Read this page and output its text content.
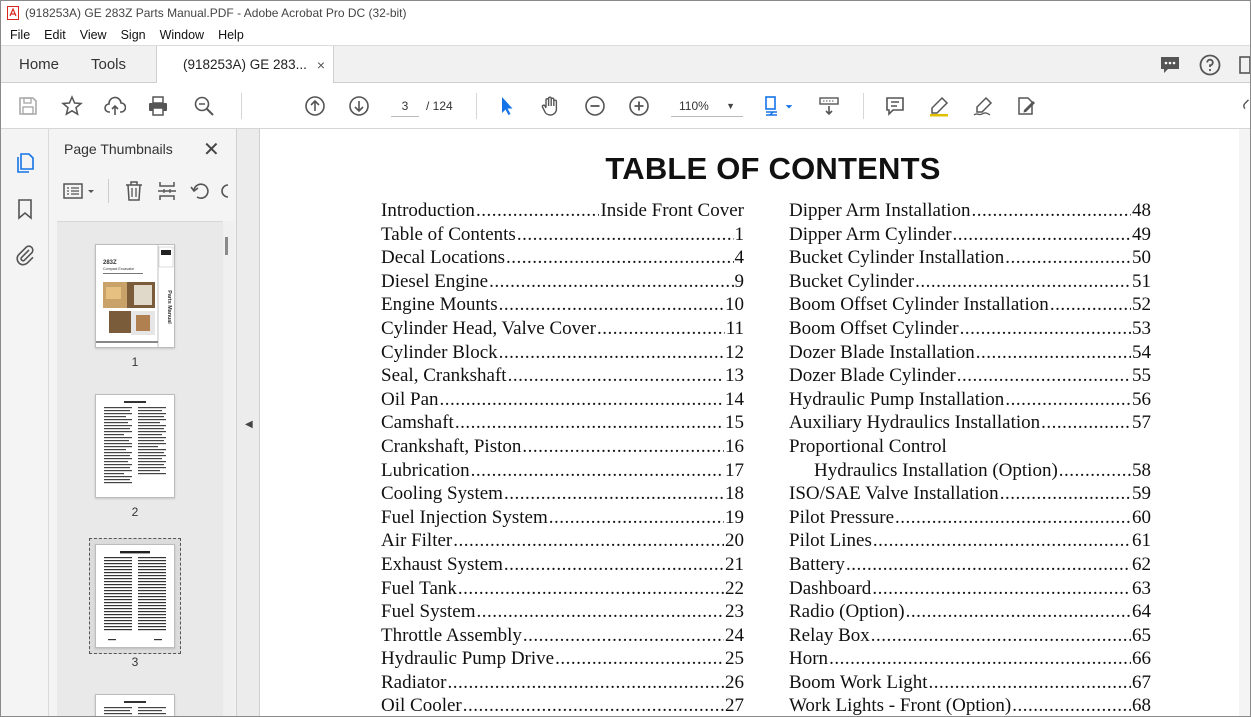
(918253A) GE 283Z Parts Manual.PDF - Adobe Acrobat Pro DC (32-bit)
File	Edit	View	Sign	Window	Help
Home Tools	(918253A) GE 283... ×
3	/ 124	110% ▼
Page Thumbnails ✕
283Z
Compact Excavator
Parts Manual
1
2
3
◀
TABLE OF CONTENTS
Introduction .....	Inside Front Cover
Table of Contents .....	1
Decal Locations .....	4
Diesel Engine .....	9
Engine Mounts .....	10
Cylinder Head, Valve Cover .....	11
Cylinder Block .....	12
Seal, Crankshaft .....	13
Oil Pan .....	14
Camshaft .....	15
Crankshaft, Piston .....	16
Lubrication .....	17
Cooling System .....	18
Fuel Injection System .....	19
Air Filter .....	20
Exhaust System .....	21
Fuel Tank .....	22
Fuel System .....	23
Throttle Assembly .....	24
Hydraulic Pump Drive .....	25
Radiator .....	26
Oil Cooler .....	27
Dipper Arm Installation .....	48
Dipper Arm Cylinder .....	49
Bucket Cylinder Installation .....	50
Bucket Cylinder .....	51
Boom Offset Cylinder Installation .....	52
Boom Offset Cylinder .....	53
Dozer Blade Installation .....	54
Dozer Blade Cylinder .....	55
Hydraulic Pump Installation .....	56
Auxiliary Hydraulics Installation .....	57
Proportional Control
Hydraulics Installation (Option) .....	58
ISO/SAE Valve Installation .....	59
Pilot Pressure .....	60
Pilot Lines .....	61
Battery .....	62
Dashboard .....	63
Radio (Option) .....	64
Relay Box .....	65
Horn .....	66
Boom Work Light .....	67
Work Lights - Front (Option) .....	68
